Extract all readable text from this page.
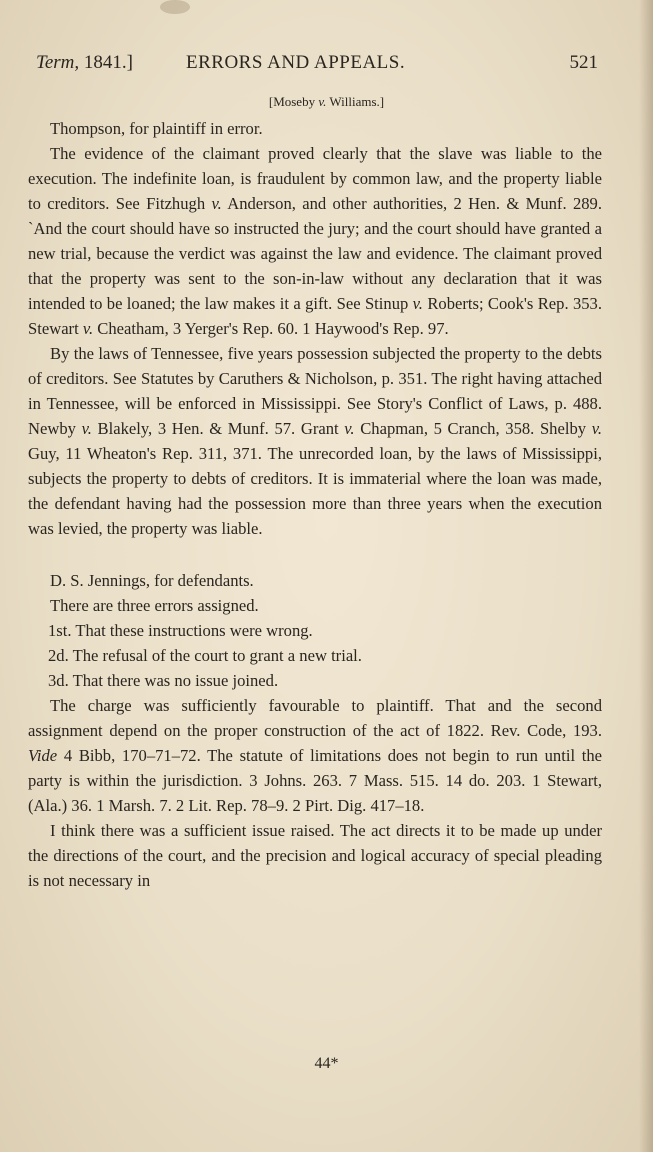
Term, 1841.]	ERRORS AND APPEALS.	521
[Moseby v. Williams.]

Thompson, for plaintiff in error.

The evidence of the claimant proved clearly that the slave was liable to the execution. The indefinite loan, is fraudulent by common law, and the property liable to creditors. See Fitzhugh v. Anderson, and other authorities, 2 Hen. & Munf. 289. `And the court should have so instructed the jury; and the court should have granted a new trial, because the verdict was against the law and evidence. The claimant proved that the property was sent to the son-in-law without any declaration that it was intended to be loaned; the law makes it a gift. See Stinup v. Roberts; Cook's Rep. 353. Stewart v. Cheatham, 3 Yerger's Rep. 60. 1 Haywood's Rep. 97.

By the laws of Tennessee, five years possession subjected the property to the debts of creditors. See Statutes by Caruthers & Nicholson, p. 351. The right having attached in Tennessee, will be enforced in Mississippi. See Story's Conflict of Laws, p. 488. Newby v. Blakely, 3 Hen. & Munf. 57. Grant v. Chapman, 5 Cranch, 358. Shelby v. Guy, 11 Wheaton's Rep. 311, 371. The unrecorded loan, by the laws of Mississippi, subjects the property to debts of creditors. It is immaterial where the loan was made, the defendant having had the possession more than three years when the execution was levied, the property was liable.

D. S. Jennings, for defendants.

There are three errors assigned.

1st. That these instructions were wrong.

2d. The refusal of the court to grant a new trial.

3d. That there was no issue joined.

The charge was sufficiently favourable to plaintiff. That and the second assignment depend on the proper construction of the act of 1822. Rev. Code, 193. Vide 4 Bibb, 170–71–72. The statute of limitations does not begin to run until the party is within the jurisdiction. 3 Johns. 263. 7 Mass. 515. 14 do. 203. 1 Stewart, (Ala.) 36. 1 Marsh. 7. 2 Lit. Rep. 78–9. 2 Pirt. Dig. 417–18.

I think there was a sufficient issue raised. The act directs it to be made up under the directions of the court, and the precision and logical accuracy of special pleading is not necessary in

44*
